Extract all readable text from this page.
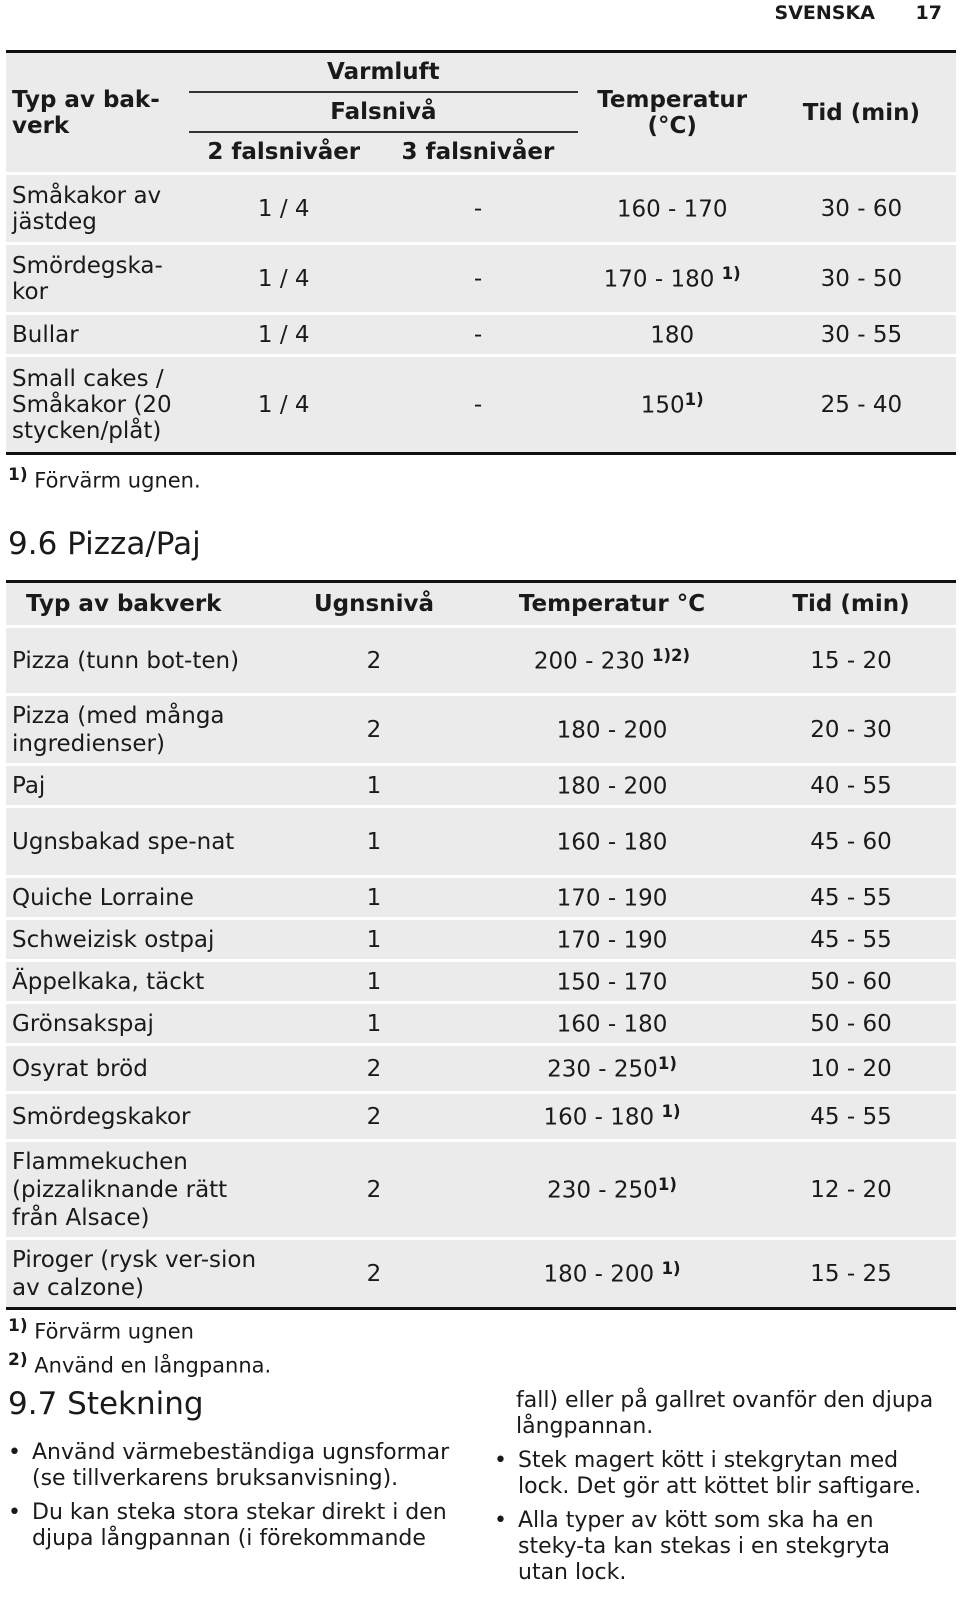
SVENSKA 17
Typ av bak-verk	Varmluft		Temperatur (°C)	Tid (min)
	Falsnivå			
	2 falsnivåer	3 falsnivåer		
Småkakor av jästdeg	1 / 4	-	160 - 170	30 - 60
Smördegska-kor	1 / 4	-	170 - 180 $^{1)}$	30 - 50
Bullar	1 / 4	-	180	30 - 55
Small cakes / Småkakor (20 stycken/plåt)	1 / 4	-	150$^{1)}$	25 - 40
$^{1)}$ Förvärm ugnen.
9.6 Pizza/Paj
Typ av bakverk	Ugnsnivå	Temperatur °C	Tid (min)
Pizza (tunn bot-ten)	2	200 - 230 $^{1)2)}$	15 - 20
Pizza (med många ingredienser)	2	180 - 200	20 - 30
Paj	1	180 - 200	40 - 55
Ugnsbakad spe-nat	1	160 - 180	45 - 60
Quiche Lorraine	1	170 - 190	45 - 55
Schweizisk ostpaj	1	170 - 190	45 - 55
Äppelkaka, täckt	1	150 - 170	50 - 60
Grönsakspaj	1	160 - 180	50 - 60
Osyrat bröd	2	230 - 250$^{1)}$	10 - 20
Smördegskakor	2	160 - 180 $^{1)}$	45 - 55
Flammekuchen (pizzaliknande rätt från Alsace)	2	230 - 250$^{1)}$	12 - 20
Piroger (rysk ver-sion av calzone)	2	180 - 200 $^{1)}$	15 - 25
$^{1)}$ Förvärm ugnen
$^{2)}$ Använd en långpanna.
9.7 Stekning
• Använd värmebeständiga ugnsformar (se tillverkarens bruksanvisning).
• Du kan steka stora stekar direkt i den djupa långpannan (i förekommande
fall) eller på gallret ovanför den djupa långpannan.
• Stek magert kött i stekgrytan med lock. Det gör att köttet blir saftigare.
• Alla typer av kött som ska ha en steky-ta kan stekas i en stekgryta utan lock.
